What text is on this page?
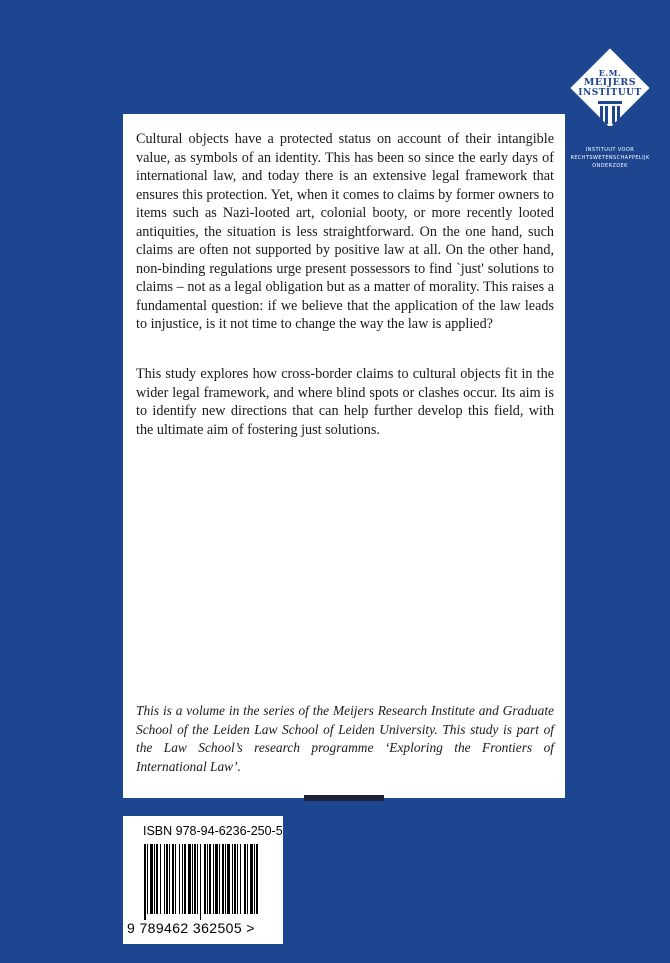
E.M.
MEIJERS
INSTITUUT
INSTITUUT VOOR
RECHTSWETENSCHAPPELIJK
ONDERZOEK

Cultural objects have a protected status on account of their intangible value, as symbols of an identity. This has been so since the early days of international law, and today there is an extensive legal framework that ensures this protection. Yet, when it comes to claims by former owners to items such as Nazi-looted art, colonial booty, or more recently looted antiquities, the situation is less straightforward. On the one hand, such claims are often not supported by positive law at all. On the other hand, non-binding regulations urge present possessors to find `just' solutions to claims – not as a legal obligation but as a matter of morality. This raises a fundamental question: if we believe that the application of the law leads to injustice, is it not time to change the way the law is applied?

This study explores how cross-border claims to cultural objects fit in the wider legal framework, and where blind spots or clashes occur. Its aim is to identify new directions that can help further develop this field, with the ultimate aim of fostering just solutions.

This is a volume in the series of the Meijers Research Institute and Graduate School of the Leiden Law School of Leiden University. This study is part of the Law School’s research programme ‘Exploring the Frontiers of International Law’.

ISBN 978-94-6236-250-5
9 789462 362505 >
